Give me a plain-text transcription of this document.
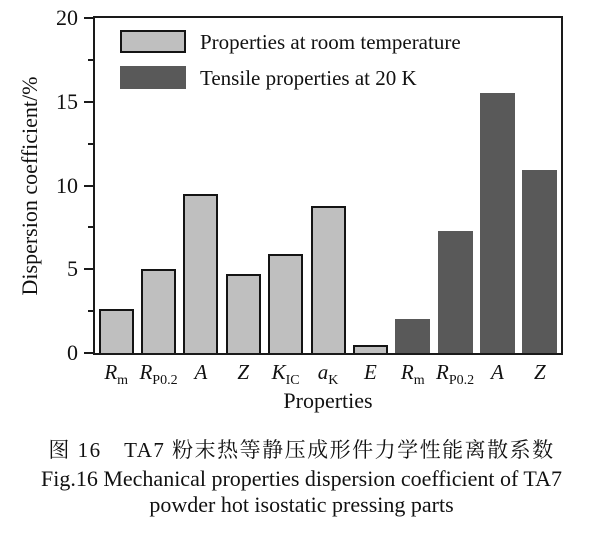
Dispersion coefficient/%
0
5
10
15
20
Properties at room temperature
Tensile properties at 20 K
$R_m$ $R_{P0.2}$ A Z $K_{IC}$ $a_K$ E $R_m$ $R_{P0.2}$ A Z
Properties
图 16　TA7 粉末热等静压成形件力学性能离散系数
Fig.16 Mechanical properties dispersion coefficient of TA7
powder hot isostatic pressing parts
